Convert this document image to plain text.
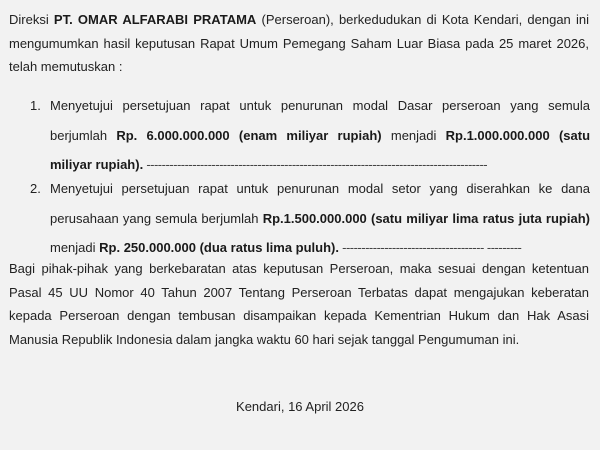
Direksi PT. OMAR ALFARABI PRATAMA (Perseroan), berkedudukan di Kota Kendari, dengan ini mengumumkan hasil keputusan Rapat Umum Pemegang Saham Luar Biasa pada 25 maret 2026, telah memutuskan :

1. Menyetujui persetujuan rapat untuk penurunan modal Dasar perseroan yang semula berjumlah Rp. 6.000.000.000 (enam miliyar rupiah) menjadi Rp.1.000.000.000 (satu miliyar rupiah). -----------------------------------------------------------------------------------------
2. Menyetujui persetujuan rapat untuk penurunan modal setor yang diserahkan ke dana perusahaan yang semula berjumlah Rp.1.500.000.000 (satu miliyar lima ratus juta rupiah) menjadi Rp. 250.000.000 (dua ratus lima puluh). ------------------------------------- ---------

Bagi pihak-pihak yang berkebaratan atas keputusan Perseroan, maka sesuai dengan ketentuan Pasal 45 UU Nomor 40 Tahun 2007 Tentang Perseroan Terbatas dapat mengajukan keberatan kepada Perseroan dengan tembusan disampaikan kepada Kementrian Hukum dan Hak Asasi Manusia Republik Indonesia dalam jangka waktu 60 hari sejak tanggal Pengumuman ini.

Kendari, 16 April 2026
